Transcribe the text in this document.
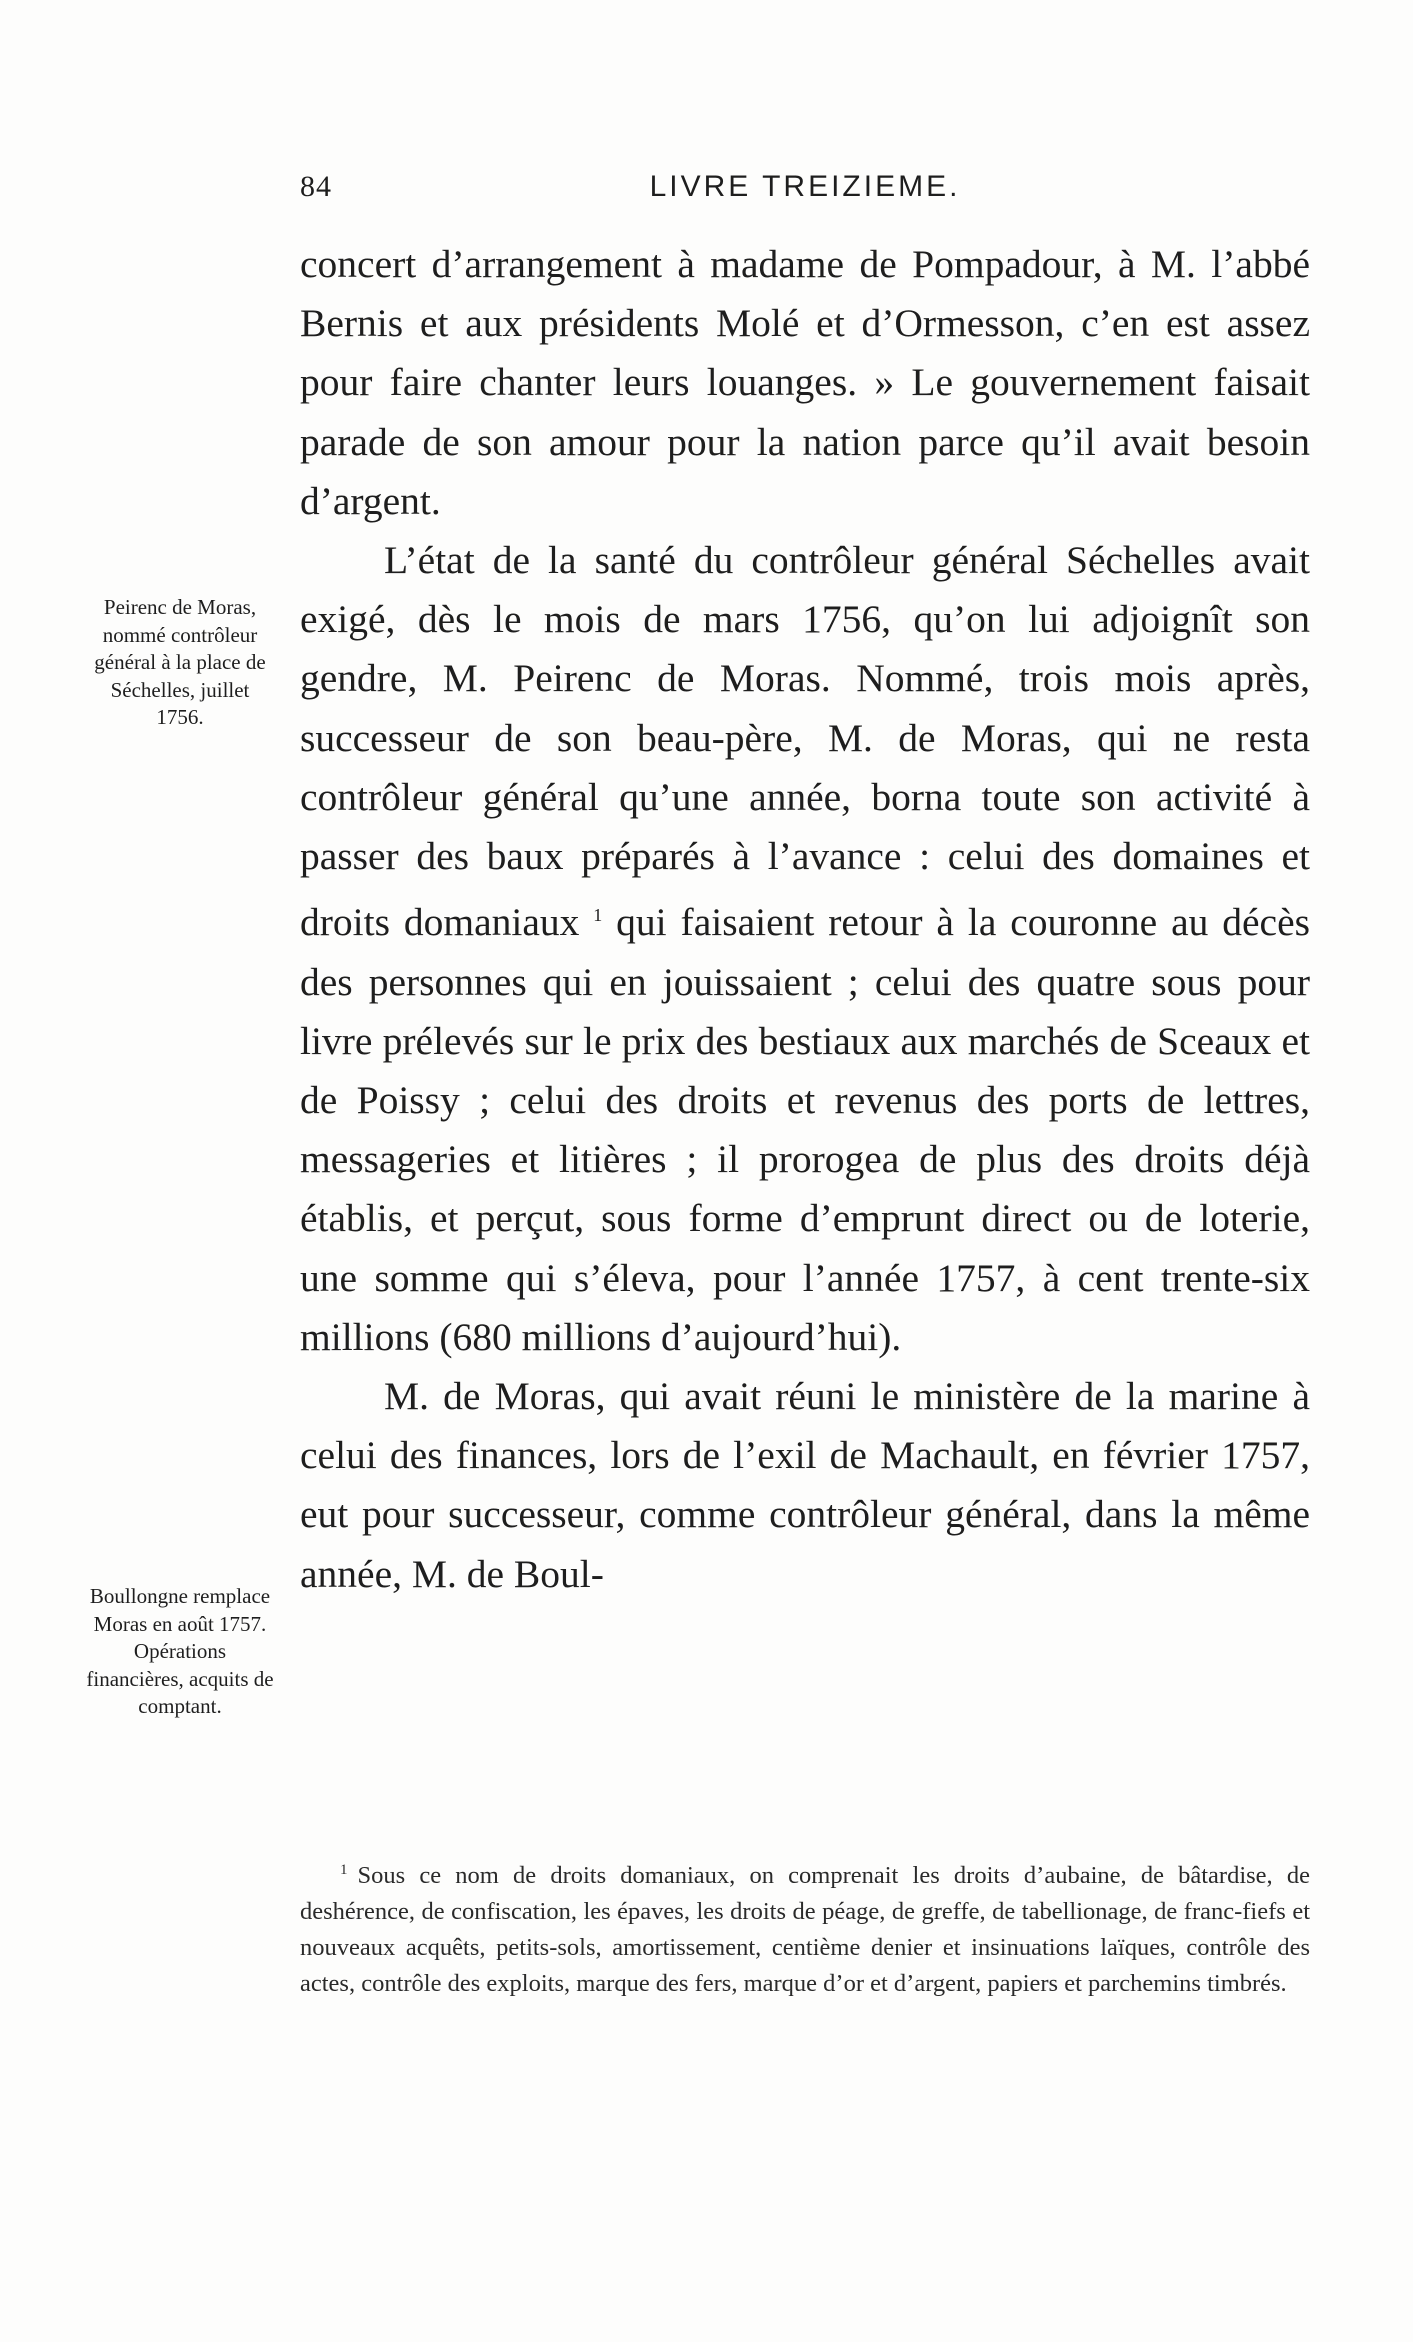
84	LIVRE TREIZIEME.
Peirenc de Moras, nommé contrôleur général à la place de Séchelles, juillet 1756.
Boullongne remplace Moras en août 1757. Opérations financières, acquits de comptant.

concert d’arrangement à madame de Pompadour, à M. l’abbé Bernis et aux présidents Molé et d’Ormesson, c’en est assez pour faire chanter leurs louanges. » Le gouvernement faisait parade de son amour pour la nation parce qu’il avait besoin d’argent.

L’état de la santé du contrôleur général Séchelles avait exigé, dès le mois de mars 1756, qu’on lui adjoignît son gendre, M. Peirenc de Moras. Nommé, trois mois après, successeur de son beau-père, M. de Moras, qui ne resta contrôleur général qu’une année, borna toute son activité à passer des baux préparés à l’avance : celui des domaines et droits domaniaux $^1$ qui faisaient retour à la couronne au décès des personnes qui en jouissaient ; celui des quatre sous pour livre prélevés sur le prix des bestiaux aux marchés de Sceaux et de Poissy ; celui des droits et revenus des ports de lettres, messageries et litières ; il prorogea de plus des droits déjà établis, et perçut, sous forme d’emprunt direct ou de loterie, une somme qui s’éleva, pour l’année 1757, à cent trente-six millions (680 millions d’aujourd’hui).

M. de Moras, qui avait réuni le ministère de la marine à celui des finances, lors de l’exil de Machault, en février 1757, eut pour successeur, comme contrôleur général, dans la même année, M. de Boul-

$^1$ Sous ce nom de droits domaniaux, on comprenait les droits d’aubaine, de bâtardise, de deshérence, de confiscation, les épaves, les droits de péage, de greffe, de tabellionage, de franc-fiefs et nouveaux acquêts, petits-sols, amortissement, centième denier et insinuations laïques, contrôle des actes, contrôle des exploits, marque des fers, marque d’or et d’argent, papiers et parchemins timbrés.
